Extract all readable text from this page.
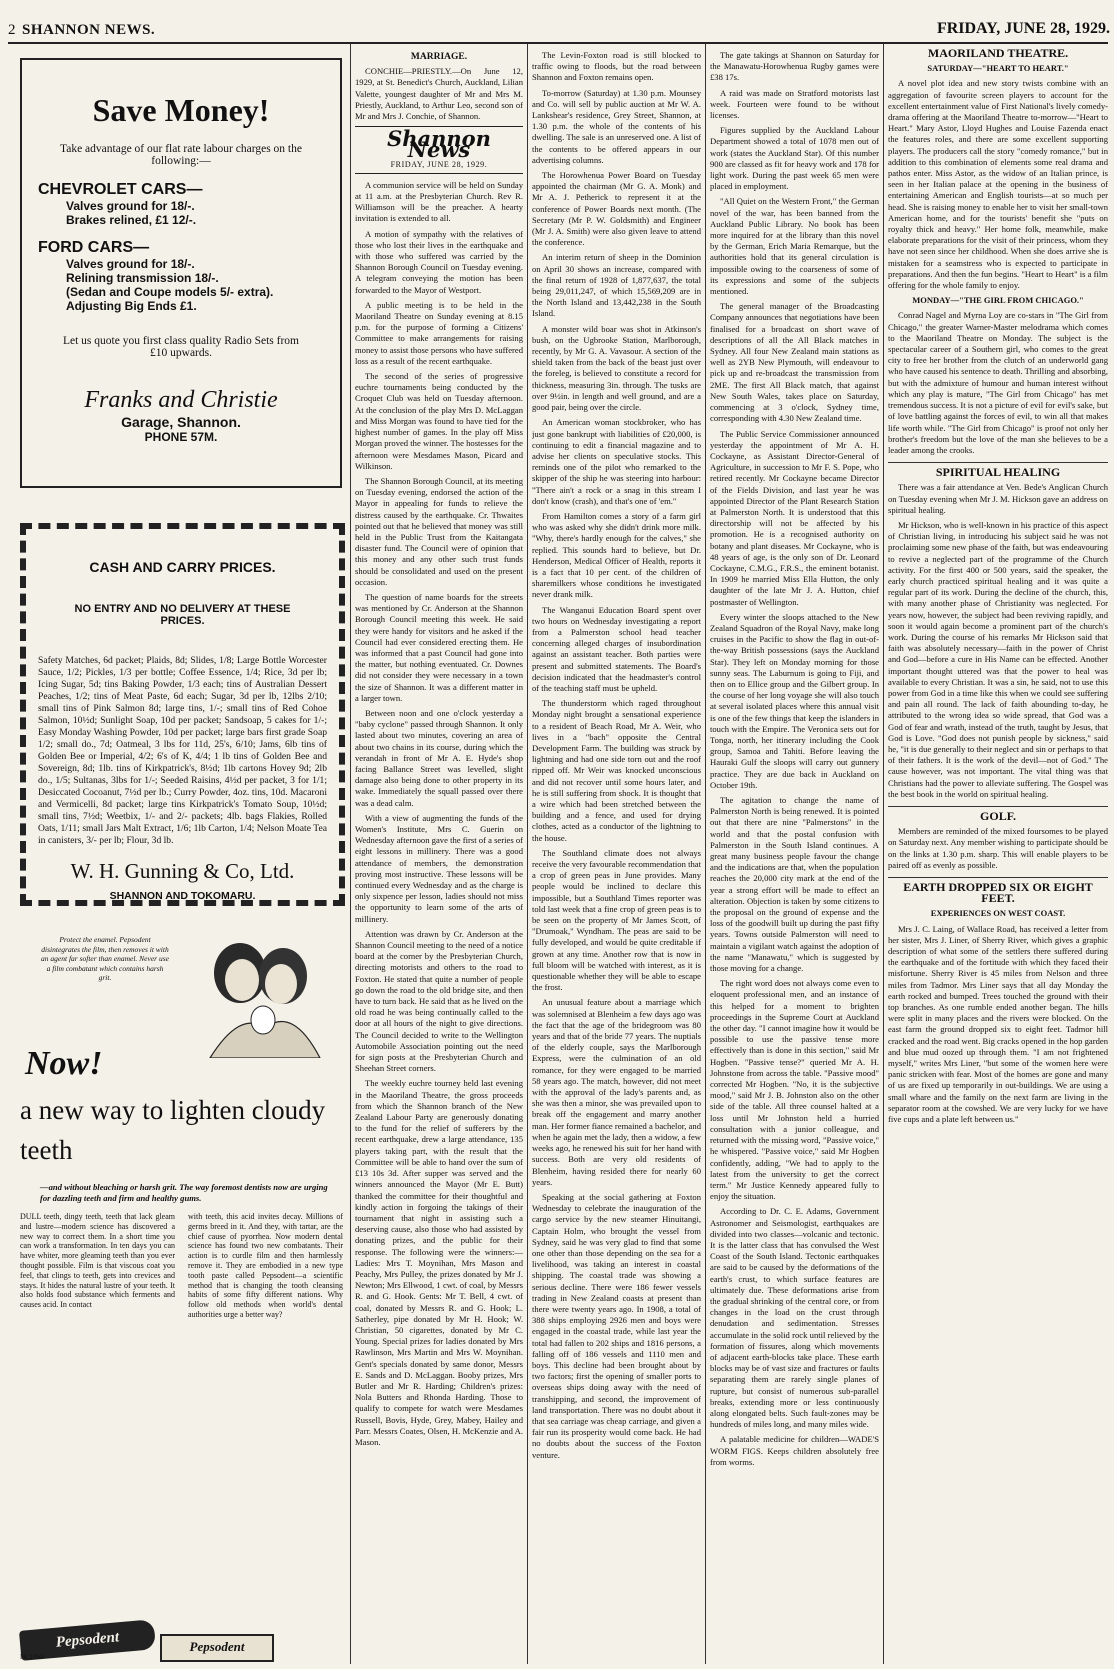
2 SHANNON NEWS.	FRIDAY, JUNE 28, 1929.
Save Money!
Take advantage of our flat rate labour charges on the following:—
CHEVROLET CARS—
Valves ground for 18/-.
Brakes relined, £1 12/-.
FORD CARS—
Valves ground for 18/-.
Relining transmission 18/-.
(Sedan and Coupe models 5/- extra).
Adjusting Big Ends £1.
Let us quote you first class quality Radio Sets from £10 upwards.
Franks and Christie
Garage, Shannon.
PHONE 57M.
CASH AND CARRY PRICES.
NO ENTRY AND NO DELIVERY AT THESE PRICES.
Safety Matches, 6d packet; Plaids, 8d; Slides, 1/8; Large Bottle Worcester Sauce, 1/2; Pickles, 1/3 per bottle; Coffee Essence, 1/4; Rice, 3d per lb; Icing Sugar, 5d; tins Baking Powder, 1/3 each; tins of Australian Dessert Peaches, 1/2; tins of Meat Paste, 6d each; Sugar, 3d per lb, 12lbs 2/10; small tins of Pink Salmon 8d; large tins, 1/-; small tins of Red Cohoe Salmon, 10½d; Sunlight Soap, 10d per packet; Sandsoap, 5 cakes for 1/-; Easy Monday Washing Powder, 10d per packet; large bars first grade Soap 1/2; small do., 7d; Oatmeal, 3 lbs for 11d, 25's, 6/10; Jams, 6lb tins of Golden Bee or Imperial, 4/2; 6's of K, 4/4; 1 lb tins of Golden Bee and Sovereign, 8d; 1lb. tins of Kirkpatrick's, 8½d; 1lb cartons Hovey 9d; 2lb do., 1/5; Sultanas, 3lbs for 1/-; Seeded Raisins, 4½d per packet, 3 for 1/1; Desiccated Cocoanut, 7½d per lb.; Curry Powder, 4oz. tins, 10d. Macaroni and Vermicelli, 8d packet; large tins Kirkpatrick's Tomato Soup, 10½d; small tins, 7½d; Weetbix, 1/- and 2/- packets; 4lb. bags Flakies, Rolled Oats, 1/11; small Jars Malt Extract, 1/6; 1lb Carton, 1/4; Nelson Moate Tea in canisters, 3/- per lb; Flour, 3d lb.
W. H. Gunning & Co, Ltd.
SHANNON AND TOKOMARU.
Protect the enamel. Pepsodent disintegrates the film, then removes it with an agent far softer than enamel. Never use a film combatant which contains harsh grit.
Now!
a new way to lighten cloudy teeth
—and without bleaching or harsh grit. The way foremost dentists now are urging for dazzling teeth and firm and healthy gums.
DULL teeth, dingy teeth, teeth that lack gleam and lustre—modern science has discovered a new way to correct them. In a short time you can work a transformation. In ten days you can have whiter, more gleaming teeth than you ever thought possible. Film is that viscous coat you feel, that clings to teeth, gets into crevices and stays. It hides the natural lustre of your teeth. It also holds food substance which ferments and causes acid. In contact
with teeth, this acid invites decay. Millions of germs breed in it. And they, with tartar, are the chief cause of pyorrhea. Now modern dental science has found two new combatants. Their action is to curdle film and then harmlessly remove it. They are embodied in a new type tooth paste called Pepsodent—a scientific method that is changing the tooth cleansing habits of some fifty different nations. Why follow old methods when world's dental authorities urge a better way?
Pepsodent	Pepsodent
NC1860
MARRIAGE.

CONCHIE—PRIESTLY.—On June 12, 1929, at St. Benedict's Church, Auckland, Lilian Valette, youngest daughter of Mr and Mrs M. Priestly, Auckland, to Arthur Leo, second son of Mr and Mrs J. Conchie, of Shannon.

Shannon News
FRIDAY, JUNE 28, 1929.

A communion service will be held on Sunday at 11 a.m. at the Presbyterian Church. Rev R. Williamson will be the preacher. A hearty invitation is extended to all.

A motion of sympathy with the relatives of those who lost their lives in the earthquake and with those who suffered was carried by the Shannon Borough Council on Tuesday evening. A telegram conveying the motion has been forwarded to the Mayor of Westport.

A public meeting is to be held in the Maoriland Theatre on Sunday evening at 8.15 p.m. for the purpose of forming a Citizens' Committee to make arrangements for raising money to assist those persons who have suffered loss as a result of the recent earthquake.

The second of the series of progressive euchre tournaments being conducted by the Croquet Club was held on Tuesday afternoon. At the conclusion of the play Mrs D. McLaggan and Miss Morgan was found to have tied for the highest number of games. In the play off Miss Morgan proved the winner. The hostesses for the afternoon were Mesdames Mason, Picard and Wilkinson.

The Shannon Borough Council, at its meeting on Tuesday evening, endorsed the action of the Mayor in appealing for funds to relieve the distress caused by the earthquake. Cr. Thwaites pointed out that he believed that money was still held in the Public Trust from the Kaitangata disaster fund. The Council were of opinion that this money and any other such trust funds should be consolidated and used on the present occasion.

The question of name boards for the streets was mentioned by Cr. Anderson at the Shannon Borough Council meeting this week. He said they were handy for visitors and he asked if the Council had ever considered erecting them. He was informed that a past Council had gone into the matter, but nothing eventuated. Cr. Downes did not consider they were necessary in a town the size of Shannon. It was a different matter in a larger town.

Between noon and one o'clock yesterday a "baby cyclone" passed through Shannon. It only lasted about two minutes, covering an area of about two chains in its course, during which the verandah in front of Mr A. E. Hyde's shop facing Ballance Street was levelled, slight damage also being done to other property in its wake. Immediately the squall passed over there was a dead calm.

With a view of augmenting the funds of the Women's Institute, Mrs C. Guerin on Wednesday afternoon gave the first of a series of eight lessons in millinery. There was a good attendance of members, the demonstration proving most instructive. These lessons will be continued every Wednesday and as the charge is only sixpence per lesson, ladies should not miss the opportunity to learn some of the arts of millinery.

Attention was drawn by Cr. Anderson at the Shannon Council meeting to the need of a notice board at the corner by the Presbyterian Church, directing motorists and others to the road to Foxton. He stated that quite a number of people go down the road to the old bridge site, and then have to turn back. He said that as he lived on the old road he was being continually called to the door at all hours of the night to give directions. The Council decided to write to the Wellington Automobile Association pointing out the need for sign posts at the Presbyterian Church and Sheehan Street corners.

The weekly euchre tourney held last evening in the Maoriland Theatre, the gross proceeds from which the Shannon branch of the New Zealand Labour Party are generously donating to the fund for the relief of sufferers by the recent earthquake, drew a large attendance, 135 players taking part, with the result that the Committee will be able to hand over the sum of £13 10s 3d. After supper was served and the winners announced the Mayor (Mr E. Butt) thanked the committee for their thoughtful and kindly action in forgoing the takings of their tournament that night in assisting such a deserving cause, also those who had assisted by donating prizes, and the public for their response. The following were the winners:—Ladies: Mrs T. Moynihan, Mrs Mason and Peachy, Mrs Pulley, the prizes donated by Mr J. Newton; Mrs Ellwood, 1 cwt. of coal, by Messrs R. and G. Hook. Gents: Mr T. Bell, 4 cwt. of coal, donated by Messrs R. and G. Hook; L. Satherley, pipe donated by Mr H. Hook; W. Christian, 50 cigarettes, donated by Mr C. Young. Special prizes for ladies donated by Mrs Rawlinson, Mrs Martin and Mrs W. Moynihan. Gent's specials donated by same donor, Messrs E. Sands and D. McLaggan. Booby prizes, Mrs Butler and Mr R. Harding; Children's prizes: Nola Butters and Rhonda Harding. Those to qualify to compete for watch were Mesdames Russell, Bovis, Hyde, Grey, Mabey, Hailey and Parr. Messrs Coates, Olsen, H. McKenzie and A. Mason.

The Levin-Foxton road is still blocked to traffic owing to floods, but the road between Shannon and Foxton remains open.

To-morrow (Saturday) at 1.30 p.m. Mounsey and Co. will sell by public auction at Mr W. A. Lankshear's residence, Grey Street, Shannon, at 1.30 p.m. the whole of the contents of his dwelling. The sale is an unreserved one. A list of the contents to be offered appears in our advertising columns.

The Horowhenua Power Board on Tuesday appointed the chairman (Mr G. A. Monk) and Mr A. J. Petherick to represent it at the conference of Power Boards next month. (The Secretary (Mr P. W. Goldsmith) and Engineer (Mr J. A. Smith) were also given leave to attend the conference.

An interim return of sheep in the Dominion on April 30 shows an increase, compared with the final return of 1928 of 1,877,637, the total being 29,011,247, of which 15,569,209 are in the North Island and 13,442,238 in the South Island.

A monster wild boar was shot in Atkinson's bush, on the Ugbrooke Station, Marlborough, recently, by Mr G. A. Vavasour. A section of the shield taken from the back of the beast just over the foreleg, is believed to constitute a record for thickness, measuring 3in. through. The tusks are over 9½in. in length and well ground, and are a good pair, being over the circle.

An American woman stockbroker, who has just gone bankrupt with liabilities of £20,000, is continuing to edit a financial magazine and to advise her clients on speculative stocks. This reminds one of the pilot who remarked to the skipper of the ship he was steering into harbour: "There ain't a rock or a snag in this stream I don't know (crash), and that's one of 'em."

From Hamilton comes a story of a farm girl who was asked why she didn't drink more milk. "Why, there's hardly enough for the calves," she replied. This sounds hard to believe, but Dr. Henderson, Medical Officer of Health, reports it is a fact that 10 per cent. of the children of sharemilkers whose conditions he investigated never drank milk.

The Wanganui Education Board spent over two hours on Wednesday investigating a report from a Palmerston school head teacher concerning alleged charges of insubordination against an assistant teacher. Both parties were present and submitted statements. The Board's decision indicated that the headmaster's control of the teaching staff must be upheld.

The thunderstorm which raged throughout Monday night brought a sensational experience to a resident of Beach Road, Mr A. Weir, who lives in a "bach" opposite the Central Development Farm. The building was struck by lightning and had one side torn out and the roof ripped off. Mr Weir was knocked unconscious and did not recover until some hours later, and he is still suffering from shock. It is thought that a wire which had been stretched between the building and a fence, and used for drying clothes, acted as a conductor of the lightning to the house.

The Southland climate does not always receive the very favourable recommendation that a crop of green peas in June provides. Many people would be inclined to declare this impossible, but a Southland Times reporter was told last week that a fine crop of green peas is to be seen on the property of Mr James Scott, of "Drumoak," Wyndham. The peas are said to be fully developed, and would be quite creditable if grown at any time. Another row that is now in full bloom will be watched with interest, as it is questionable whether they will be able to escape the frost.

An unusual feature about a marriage which was solemnised at Blenheim a few days ago was the fact that the age of the bridegroom was 80 years and that of the bride 77 years. The nuptials of the elderly couple, says the Marlborough Express, were the culmination of an old romance, for they were engaged to be married 58 years ago. The match, however, did not meet with the approval of the lady's parents and, as she was then a minor, she was prevailed upon to break off the engagement and marry another man. Her former fiance remained a bachelor, and when he again met the lady, then a widow, a few weeks ago, he renewed his suit for her hand with success. Both are very old residents of Blenheim, having resided there for nearly 60 years.

Speaking at the social gathering at Foxton Wednesday to celebrate the inauguration of the cargo service by the new steamer Hinuitangi, Captain Holm, who brought the vessel from Sydney, said he was very glad to find that some one other than those depending on the sea for a livelihood, was taking an interest in coastal shipping. The coastal trade was showing a serious decline. There were 186 fewer vessels trading in New Zealand coasts at present than there were twenty years ago. In 1908, a total of 388 ships employing 2926 men and boys were engaged in the coastal trade, while last year the total had fallen to 202 ships and 1816 persons, a falling off of 186 vessels and 1110 men and boys. This decline had been brought about by two factors; first the opening of smaller ports to overseas ships doing away with the need of transhipping, and second, the improvement of land transportation. There was no doubt about it that sea carriage was cheap carriage, and given a fair run its prosperity would come back. He had no doubts about the success of the Foxton venture.

The gate takings at Shannon on Saturday for the Manawatu-Horowhenua Rugby games were £38 17s.

A raid was made on Stratford motorists last week. Fourteen were found to be without licenses.

Figures supplied by the Auckland Labour Department showed a total of 1078 men out of work (states the Auckland Star). Of this number 900 are classed as fit for heavy work and 178 for light work. During the past week 65 men were placed in employment.

"All Quiet on the Western Front," the German novel of the war, has been banned from the Auckland Public Library. No book has been more inquired for at the library than this novel by the German, Erich Maria Remarque, but the authorities hold that its general circulation is impossible owing to the coarseness of some of its expressions and some of the subjects mentioned.

The general manager of the Broadcasting Company announces that negotiations have been finalised for a broadcast on short wave of descriptions of all the All Black matches in Sydney. All four New Zealand main stations as well as 2YB New Plymouth, will endeavour to pick up and re-broadcast the transmission from 2ME. The first All Black match, that against New South Wales, takes place on Saturday, commencing at 3 o'clock, Sydney time, corresponding with 4.30 New Zealand time.

The Public Service Commissioner announced yesterday the appointment of Mr A. H. Cockayne, as Assistant Director-General of Agriculture, in succession to Mr F. S. Pope, who retired recently. Mr Cockayne became Director of the Fields Division, and last year he was appointed Director of the Plant Research Station at Palmerston North. It is understood that this directorship will not be affected by his promotion. He is a recognised authority on botany and plant diseases. Mr Cockayne, who is 48 years of age, is the only son of Dr. Leonard Cockayne, C.M.G., F.R.S., the eminent botanist. In 1909 he married Miss Ella Hutton, the only daughter of the late Mr J. A. Hutton, chief postmaster of Wellington.

Every winter the sloops attached to the New Zealand Squadron of the Royal Navy, make long cruises in the Pacific to show the flag in out-of-the-way British possessions (says the Auckland Star). They left on Monday morning for those sunny seas. The Laburnum is going to Fiji, and then on to Ellice group and the Gilbert group. In the course of her long voyage she will also touch at several isolated places where this annual visit is one of the few things that keep the islanders in touch with the Empire. The Veronica sets out for Tonga, north, her itinerary including the Cook group, Samoa and Tahiti. Before leaving the Hauraki Gulf the sloops will carry out gunnery practice. They are due back in Auckland on October 19th.

The agitation to change the name of Palmerston North is being renewed. It is pointed out that there are nine "Palmerstons" in the world and that the postal confusion with Palmerston in the South Island continues. A great many business people favour the change and the indications are that, when the population reaches the 20,000 city mark at the end of the year a strong effort will be made to effect an alteration. Objection is taken by some citizens to the proposal on the ground of expense and the loss of the goodwill built up during the past fifty years. Towns outside Palmerston will need to maintain a vigilant watch against the adoption of the name "Manawatu," which is suggested by those moving for a change.

The right word does not always come even to eloquent professional men, and an instance of this helped for a moment to brighten proceedings in the Supreme Court at Auckland the other day. "I cannot imagine how it would be possible to use the passive tense more effectively than is done in this section," said Mr Hogben. "Passive tense?" queried Mr A. H. Johnstone from across the table. "Passive mood" corrected Mr Hogben. "No, it is the subjective mood," said Mr J. B. Johnston also on the other side of the table. All three counsel halted at a loss until Mr Johnston held a hurried consultation with a junior colleague, and returned with the missing word, "Passive voice," he whispered. "Passive voice," said Mr Hogben confidently, adding, "We had to apply to the latest from the university to get the correct term." Mr Justice Kennedy appeared fully to enjoy the situation.

According to Dr. C. E. Adams, Government Astronomer and Seismologist, earthquakes are divided into two classes—volcanic and tectonic. It is the latter class that has convulsed the West Coast of the South Island. Tectonic earthquakes are said to be caused by the deformations of the earth's crust, to which surface features are ultimately due. These deformations arise from the gradual shrinking of the central core, or from changes in the load on the crust through denudation and sedimentation. Stresses accumulate in the solid rock until relieved by the formation of fissures, along which movements of adjacent earth-blocks take place. These earth blocks may be of vast size and fractures or faults separating them are rarely single planes of rupture, but consist of numerous sub-parallel breaks, extending more or less continuously along elongated belts. Such fault-zones may be hundreds of miles long, and many miles wide.

A palatable medicine for children—WADE'S WORM FIGS. Keeps children absolutely free from worms.

MAORILAND THEATRE.
SATURDAY—"HEART TO HEART."

A novel plot idea and new story twists combine with an aggregation of favourite screen players to account for the excellent entertainment value of First National's lively comedy-drama offering at the Maoriland Theatre to-morrow—"Heart to Heart." Mary Astor, Lloyd Hughes and Louise Fazenda enact the features roles, and there are some excellent supporting players. The producers call the story "comedy romance," but in addition to this combination of elements some real drama and pathos enter. Miss Astor, as the widow of an Italian prince, is seen in her Italian palace at the opening in the business of entertaining American and English tourists—at so much per head. She is raising money to enable her to visit her small-town American home, and for the tourists' benefit she "puts on royalty thick and heavy." Her home folk, meanwhile, make elaborate preparations for the visit of their princess, whom they have not seen since her childhood. When she does arrive she is mistaken for a seamstress who is expected to participate in preparations. And then the fun begins. "Heart to Heart" is a film offering for the whole family to enjoy.

MONDAY—"THE GIRL FROM CHICAGO."

Conrad Nagel and Myrna Loy are co-stars in "The Girl from Chicago," the greater Warner-Master melodrama which comes to the Maoriland Theatre on Monday. The subject is the spectacular career of a Southern girl, who comes to the great city to free her brother from the clutch of an underworld gang who have caused his sentence to death. Thrilling and absorbing, but with the admixture of humour and human interest without which any play is mature, "The Girl from Chicago" has met tremendous success. It is not a picture of evil for evil's sake, but of love battling against the forces of evil, to win all that makes life worth while. "The Girl from Chicago" is proof not only her brother's freedom but the love of the man she believes to be a leader among the crooks.

SPIRITUAL HEALING

There was a fair attendance at Ven. Bede's Anglican Church on Tuesday evening when Mr J. M. Hickson gave an address on spiritual healing.

Mr Hickson, who is well-known in his practice of this aspect of Christian living, in introducing his subject said he was not proclaiming some new phase of the faith, but was endeavouring to revive a neglected part of the programme of the Church activity. For the first 400 or 500 years, said the speaker, the early church practiced spiritual healing and it was quite a regular part of its work. During the decline of the church, this, with many another phase of Christianity was neglected. For years now, however, the subject had been reviving rapidly, and soon it would again become a prominent part of the church's work. During the course of his remarks Mr Hickson said that faith was absolutely necessary—faith in the power of Christ and God—before a cure in His Name can be effected. Another important thought uttered was that the power to heal was available to every Christian. It was a sin, he said, not to use this power from God in a time like this when we could see suffering and pain all round. The lack of faith abounding to-day, he attributed to the wrong idea so wide spread, that God was a God of fear and wrath, instead of the truth, taught by Jesus, that God is Love. "God does not punish people by sickness," said he, "it is due generally to their neglect and sin or perhaps to that of their fathers. It is the work of the devil—not of God." The cause however, was not important. The vital thing was that Christians had the power to alleviate suffering. The Gospel was the best book in the world on spiritual healing.

GOLF.

Members are reminded of the mixed foursomes to be played on Saturday next. Any member wishing to participate should be on the links at 1.30 p.m. sharp. This will enable players to be paired off as evenly as possible.

EARTH DROPPED SIX OR EIGHT FEET.
EXPERIENCES ON WEST COAST.

Mrs J. C. Laing, of Wallace Road, has received a letter from her sister, Mrs J. Liner, of Sherry River, which gives a graphic description of what some of the settlers there suffered during the earthquake and of the fortitude with which they faced their misfortune. Sherry River is 45 miles from Nelson and three miles from Tadmor. Mrs Liner says that all day Monday the earth rocked and bumped. Trees touched the ground with their top branches. As one rumble ended another began. The hills were split in many places and the rivers were blocked. On the east farm the ground dropped six to eight feet. Tadmor hill cracked and the road went. Big cracks opened in the hop garden and blue mud oozed up through them. "I am not frightened myself," writes Mrs Liner, "but some of the women here were panic stricken with fear. Most of the homes are gone and many of us are fixed up temporarily in out-buildings. We are using a small whare and the family on the next farm are living in the separator room at the cowshed. We are very lucky for we have five cups and a plate left between us."
